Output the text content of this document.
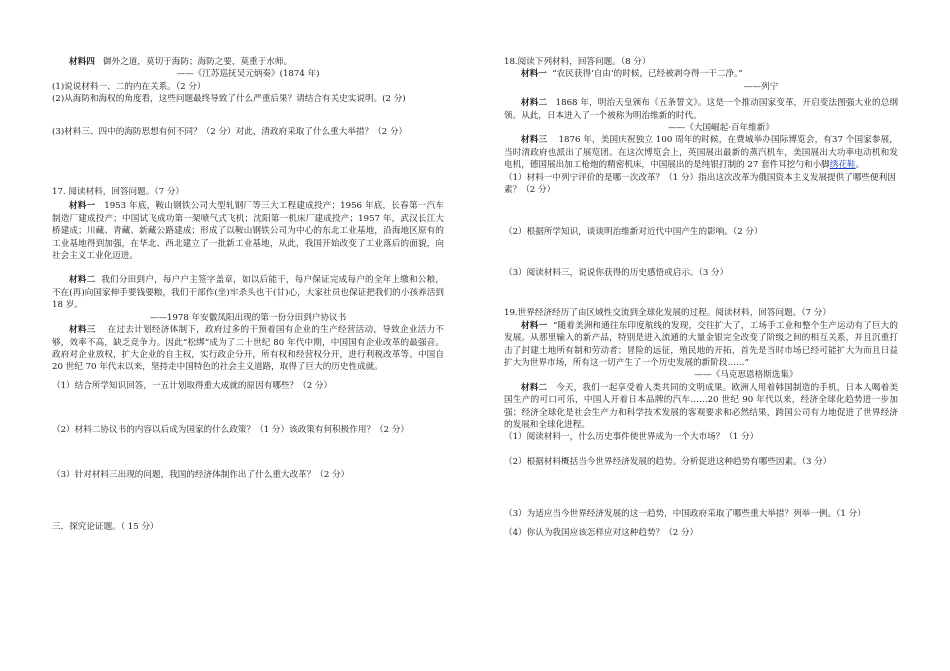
材料四 御外之道，莫切于海防；海防之要，莫重于水师。

——《江苏巡抚吴元炳奏》(1874 年)

(1)说说材料一、二的内在关系。（2 分）

(2)从海防和海权的角度看，这些问题最终导致了什么严重后果？请结合有关史实说明。(2 分)

(3)材料三、四中的海防思想有何不同？（2 分）对此，清政府采取了什么重大举措？（2 分）

17. 阅读材料，回答问题。（7 分）

材料一 1953 年底，鞍山钢铁公司大型轧钢厂等三大工程建成投产；1956 年底，长春第一汽车制造厂建成投产；中国试飞成功第一架喷气式飞机；沈阳第一机床厂建成投产；1957 年，武汉长江大桥建成；川藏、青藏、新藏公路建成；形成了以鞍山钢铁公司为中心的东北工业基地，沿海地区原有的工业基地得到加强，在华北、西北建立了一批新工业基地，从此，我国开始改变了工业落后的面貌，向社会主义工业化迈进。

材料二 我们分田到户，每户户主签字盖章，如以后能干，每户保证完成每户的全年上缴和公粮，不在(再)向国家伸手要钱要粮，我们干部作(坐)牢杀头也干(甘)心，大家社员也保证把我们的小孩养活到 18 岁。

——1978 年安徽凤阳出现的第一份分田到户协议书

材料三 在过去计划经济体制下，政府过多的干预着国有企业的生产经营活动，导致企业活力不够，效率不高，缺乏竞争力。因此“松绑”成为了二十世纪 80 年代中期，中国国有企业改革的最强音。政府对企业放权，扩大企业的自主权，实行政企分开，所有权和经营权分开，进行利税改革等。中国自 20 世纪 70 年代末以来，坚持走中国特色的社会主义道路，取得了巨大的历史性成就。

（1）结合所学知识回答，一五计划取得重大成就的原因有哪些？（2 分）

（2）材料二协议书的内容以后成为国家的什么政策？（1 分）该政策有何积极作用？（2 分）

（3）针对材料三出现的问题，我国的经济体制作出了什么重大改革？（2 分）

三．探究论证题。（ 15 分）

18.阅读下列材料，回答问题。（8 分）

材料一 “农民获得‘自由’的时候，已经被剥夺得一干二净。”

——列宁

材料二 1868 年，明治天皇颁布《五条誓文》。这是一个推动国家变革，开启变法图强大业的总纲领。从此，日本进入了一个被称为明治维新的时代。

——《大国崛起·百年维新》

材料三 1876 年，美国庆祝独立 100 周年的时候，在费城举办国际博览会，有37 个国家参展，当时清政府也派出了展览团。在这次博览会上，英国展出最新的蒸汽机车，美国展出大功率电动机和发电机，德国展出加工枪炮的精密机床，中国展出的是纯银打制的 27 套件耳挖勺和小脚绣花鞋。

（1）材料一中列宁评价的是哪一次改革？（1 分）指出这次改革为俄国资本主义发展提供了哪些便利因素？（2 分）

（2）根据所学知识，谈谈明治维新对近代中国产生的影响。（2 分）

（3）阅读材料三，说说你获得的历史感悟或启示。（3 分）

19.世界经济经历了由区域性交流到全球化发展的过程。阅读材料，回答问题。（7 分）

材料一 “随着美洲和通往东印度航线的发现，交往扩大了，工场手工业和整个生产运动有了巨大的发展。从那里输入的新产品，特别是进入流通的大量金银完全改变了阶级之间的相互关系，并且沉重打击了封建土地所有制和劳动者；冒险的远征，殖民地的开拓，首先是当时市场已经可能扩大为而且日益扩大为世界市场，所有这一切产生了一个历史发展的新阶段……”

——《马克思恩格斯选集》

材料二 今天，我们一起享受着人类共同的文明成果。欧洲人用着韩国制造的手机，日本人喝着美国生产的可口可乐，中国人开着日本品牌的汽车……20 世纪 90 年代以来，经济全球化趋势进一步加强；经济全球化是社会生产力和科学技术发展的客观要求和必然结果，跨国公司有力地促进了世界经济的发展和全球化进程。

（1）阅读材料一，什么历史事件使世界成为一个大市场？（1 分）

（2）根据材料概括当今世界经济发展的趋势。分析促进这种趋势有哪些因素。（3 分）

（3）为适应当今世界经济发展的这一趋势，中国政府采取了哪些重大举措？列举一例。（1 分）

（4）你认为我国应该怎样应对这种趋势？（2 分）
